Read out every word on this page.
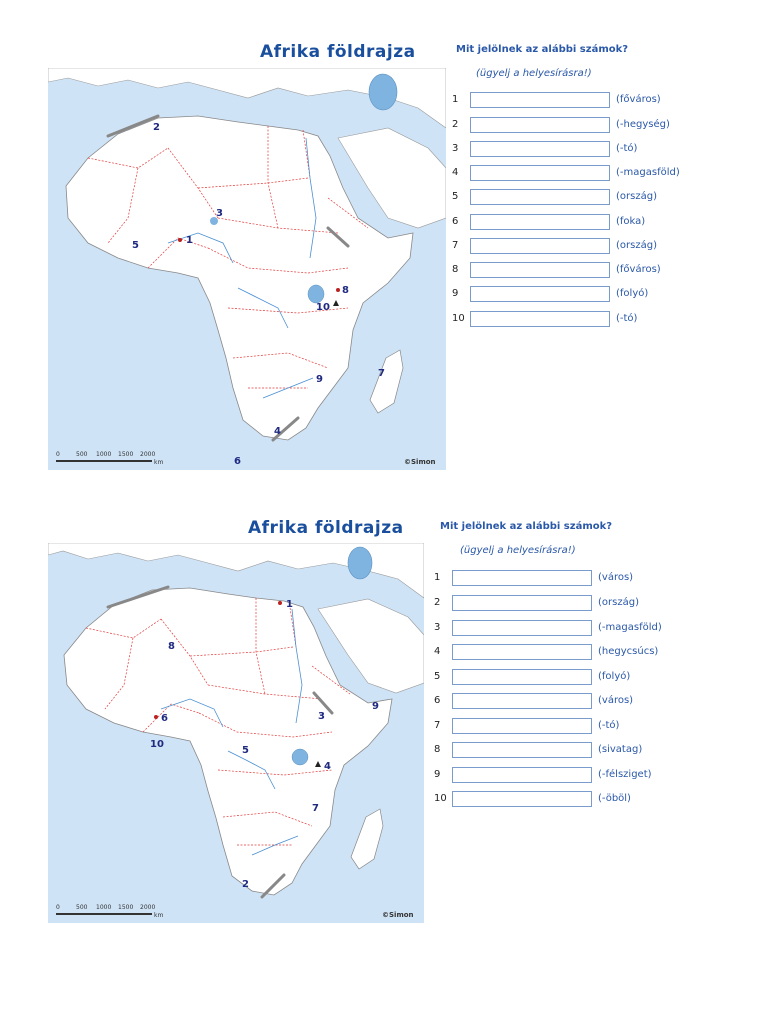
Afrika földrajza
1
2
3
4
5
6
7
8
9
10
0	500 1000 1500 2000
km	©Simon
Mit jelölnek az alábbi számok?
(ügyelj a helyesírásra!)
1	(főváros)
2	(-hegység)
3	(-tó)
4	(-magasföld)
5	(ország)
6	(foka)
7	(ország)
8	(főváros)
9	(folyó)
10	(-tó)
Afrika földrajza
1
2
3
4
5
6
7
8
9
10
0	500 1000 1500 2000
km	©Simon
Mit jelölnek az alábbi számok?
(ügyelj a helyesírásra!)
1	(város)
2	(ország)
3	(-magasföld)
4	(hegycsúcs)
5	(folyó)
6	(város)
7	(-tó)
8	(sivatag)
9	(-félsziget)
10	(-öböl)
